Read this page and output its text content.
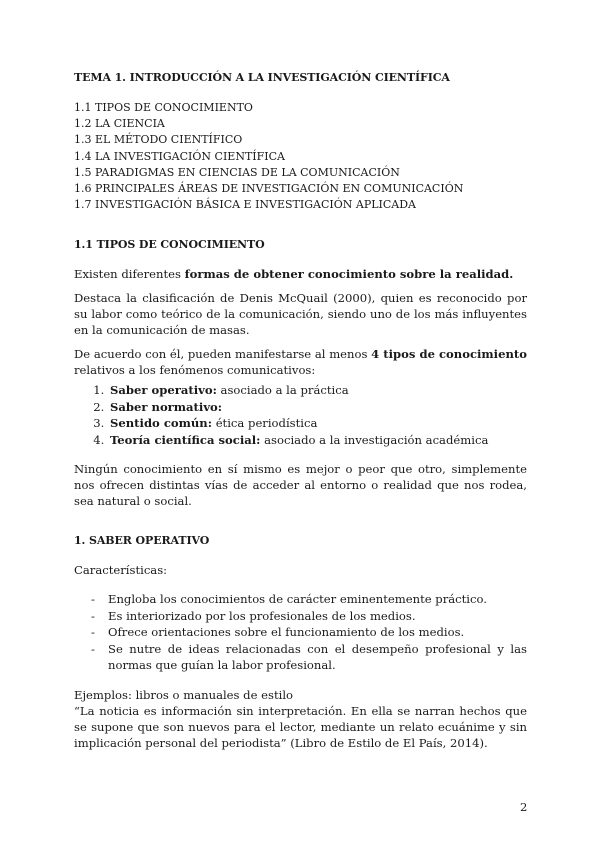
TEMA 1. INTRODUCCIÓN A LA INVESTIGACIÓN CIENTÍFICA

1.1 TIPOS DE CONOCIMIENTO
1.2 LA CIENCIA
1.3 EL MÉTODO CIENTÍFICO
1.4 LA INVESTIGACIÓN CIENTÍFICA
1.5 PARADIGMAS EN CIENCIAS DE LA COMUNICACIÓN
1.6 PRINCIPALES ÁREAS DE INVESTIGACIÓN EN COMUNICACIÓN
1.7 INVESTIGACIÓN BÁSICA E INVESTIGACIÓN APLICADA

1.1 TIPOS DE CONOCIMIENTO

Existen diferentes formas de obtener conocimiento sobre la realidad.

Destaca la clasificación de Denis McQuail (2000), quien es reconocido por su labor como teórico de la comunicación, siendo uno de los más influyentes en la comunicación de masas.

De acuerdo con él, pueden manifestarse al menos 4 tipos de conocimiento relativos a los fenómenos comunicativos:

1. Saber operativo: asociado a la práctica
2. Saber normativo:
3. Sentido común: ética periodística
4. Teoría científica social: asociado a la investigación académica

Ningún conocimiento en sí mismo es mejor o peor que otro, simplemente nos ofrecen distintas vías de acceder al entorno o realidad que nos rodea, sea natural o social.

1. SABER OPERATIVO

Características:

- Engloba los conocimientos de carácter eminentemente práctico.
- Es interiorizado por los profesionales de los medios.
- Ofrece orientaciones sobre el funcionamiento de los medios.
- Se nutre de ideas relacionadas con el desempeño profesional y las normas que guían la labor profesional.

Ejemplos: libros o manuales de estilo

“La noticia es información sin interpretación. En ella se narran hechos que se supone que son nuevos para el lector, mediante un relato ecuánime y sin implicación personal del periodista” (Libro de Estilo de El País, 2014).

2
